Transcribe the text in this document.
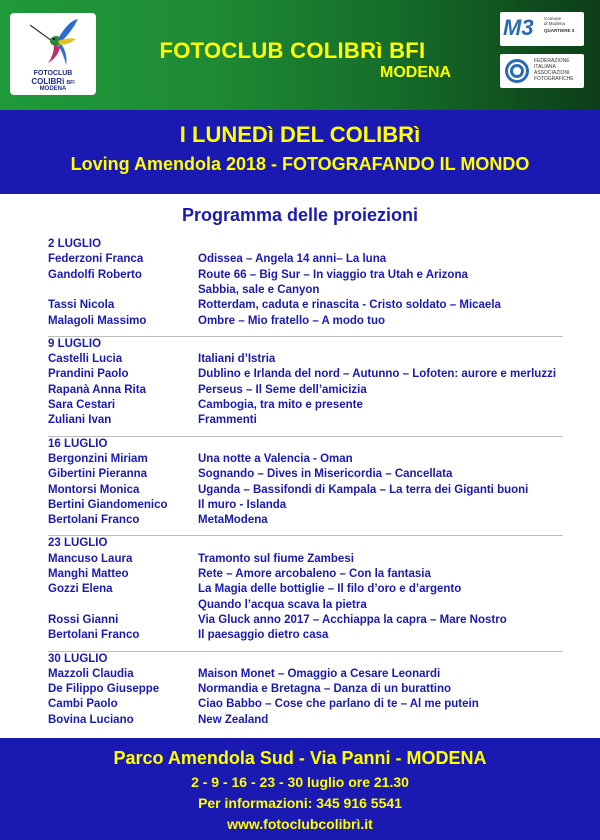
FOTOCLUB
COLIBRì BFI
MODENA
FOTOCLUB COLIBRì BFI
MODENA
M3 Comune
di Modena
QUARTIERE 3
FEDERAZIONE
ITALIANA
ASSOCIAZIONI
FOTOGRAFICHE
I LUNEDì DEL COLIBRì
Loving Amendola 2018 - FOTOGRAFANDO IL MONDO
Programma delle proiezioni
2 LUGLIO
Federzoni Franca	Odissea – Angela 14 anni– La luna
Gandolfi Roberto	Route 66 – Big Sur – In viaggio tra Utah e Arizona
Sabbia, sale e Canyon
Tassi Nicola	Rotterdam, caduta e rinascita - Cristo soldato – Micaela
Malagoli Massimo	Ombre – Mio fratello – A modo tuo
9 LUGLIO
Castelli Lucia	Italiani d’Istria
Prandini Paolo	Dublino e Irlanda del nord – Autunno – Lofoten: aurore e merluzzi
Rapanà Anna Rita	Perseus – Il Seme dell’amicizia
Sara Cestari	Cambogia, tra mito e presente
Zuliani Ivan	Frammenti
16 LUGLIO
Bergonzini Miriam	Una notte a Valencia - Oman
Gibertini Pieranna	Sognando – Dives in Misericordia – Cancellata
Montorsi Monica	Uganda – Bassifondi di Kampala – La terra dei Giganti buoni
Bertini Giandomenico	Il muro - Islanda
Bertolani Franco	MetaModena
23 LUGLIO
Mancuso Laura	Tramonto sul fiume Zambesi
Manghi Matteo	Rete – Amore arcobaleno – Con la fantasia
Gozzi Elena	La Magia delle bottiglie – Il filo d’oro e d’argento
Quando l’acqua scava la pietra
Rossi Gianni	Via Gluck anno 2017 – Acchiappa la capra – Mare Nostro
Bertolani Franco	Il paesaggio dietro casa
30 LUGLIO
Mazzoli Claudia	Maison Monet – Omaggio a Cesare Leonardi
De Filippo Giuseppe	Normandia e Bretagna – Danza di un burattino
Cambi Paolo	Ciao Babbo – Cose che parlano di te – Al me putein
Bovina Luciano	New Zealand
Parco Amendola Sud - Via Panni - MODENA
2 - 9 - 16 - 23 - 30 luglio ore 21.30
Per informazioni: 345 916 5541
www.fotoclubcolibrì.it
